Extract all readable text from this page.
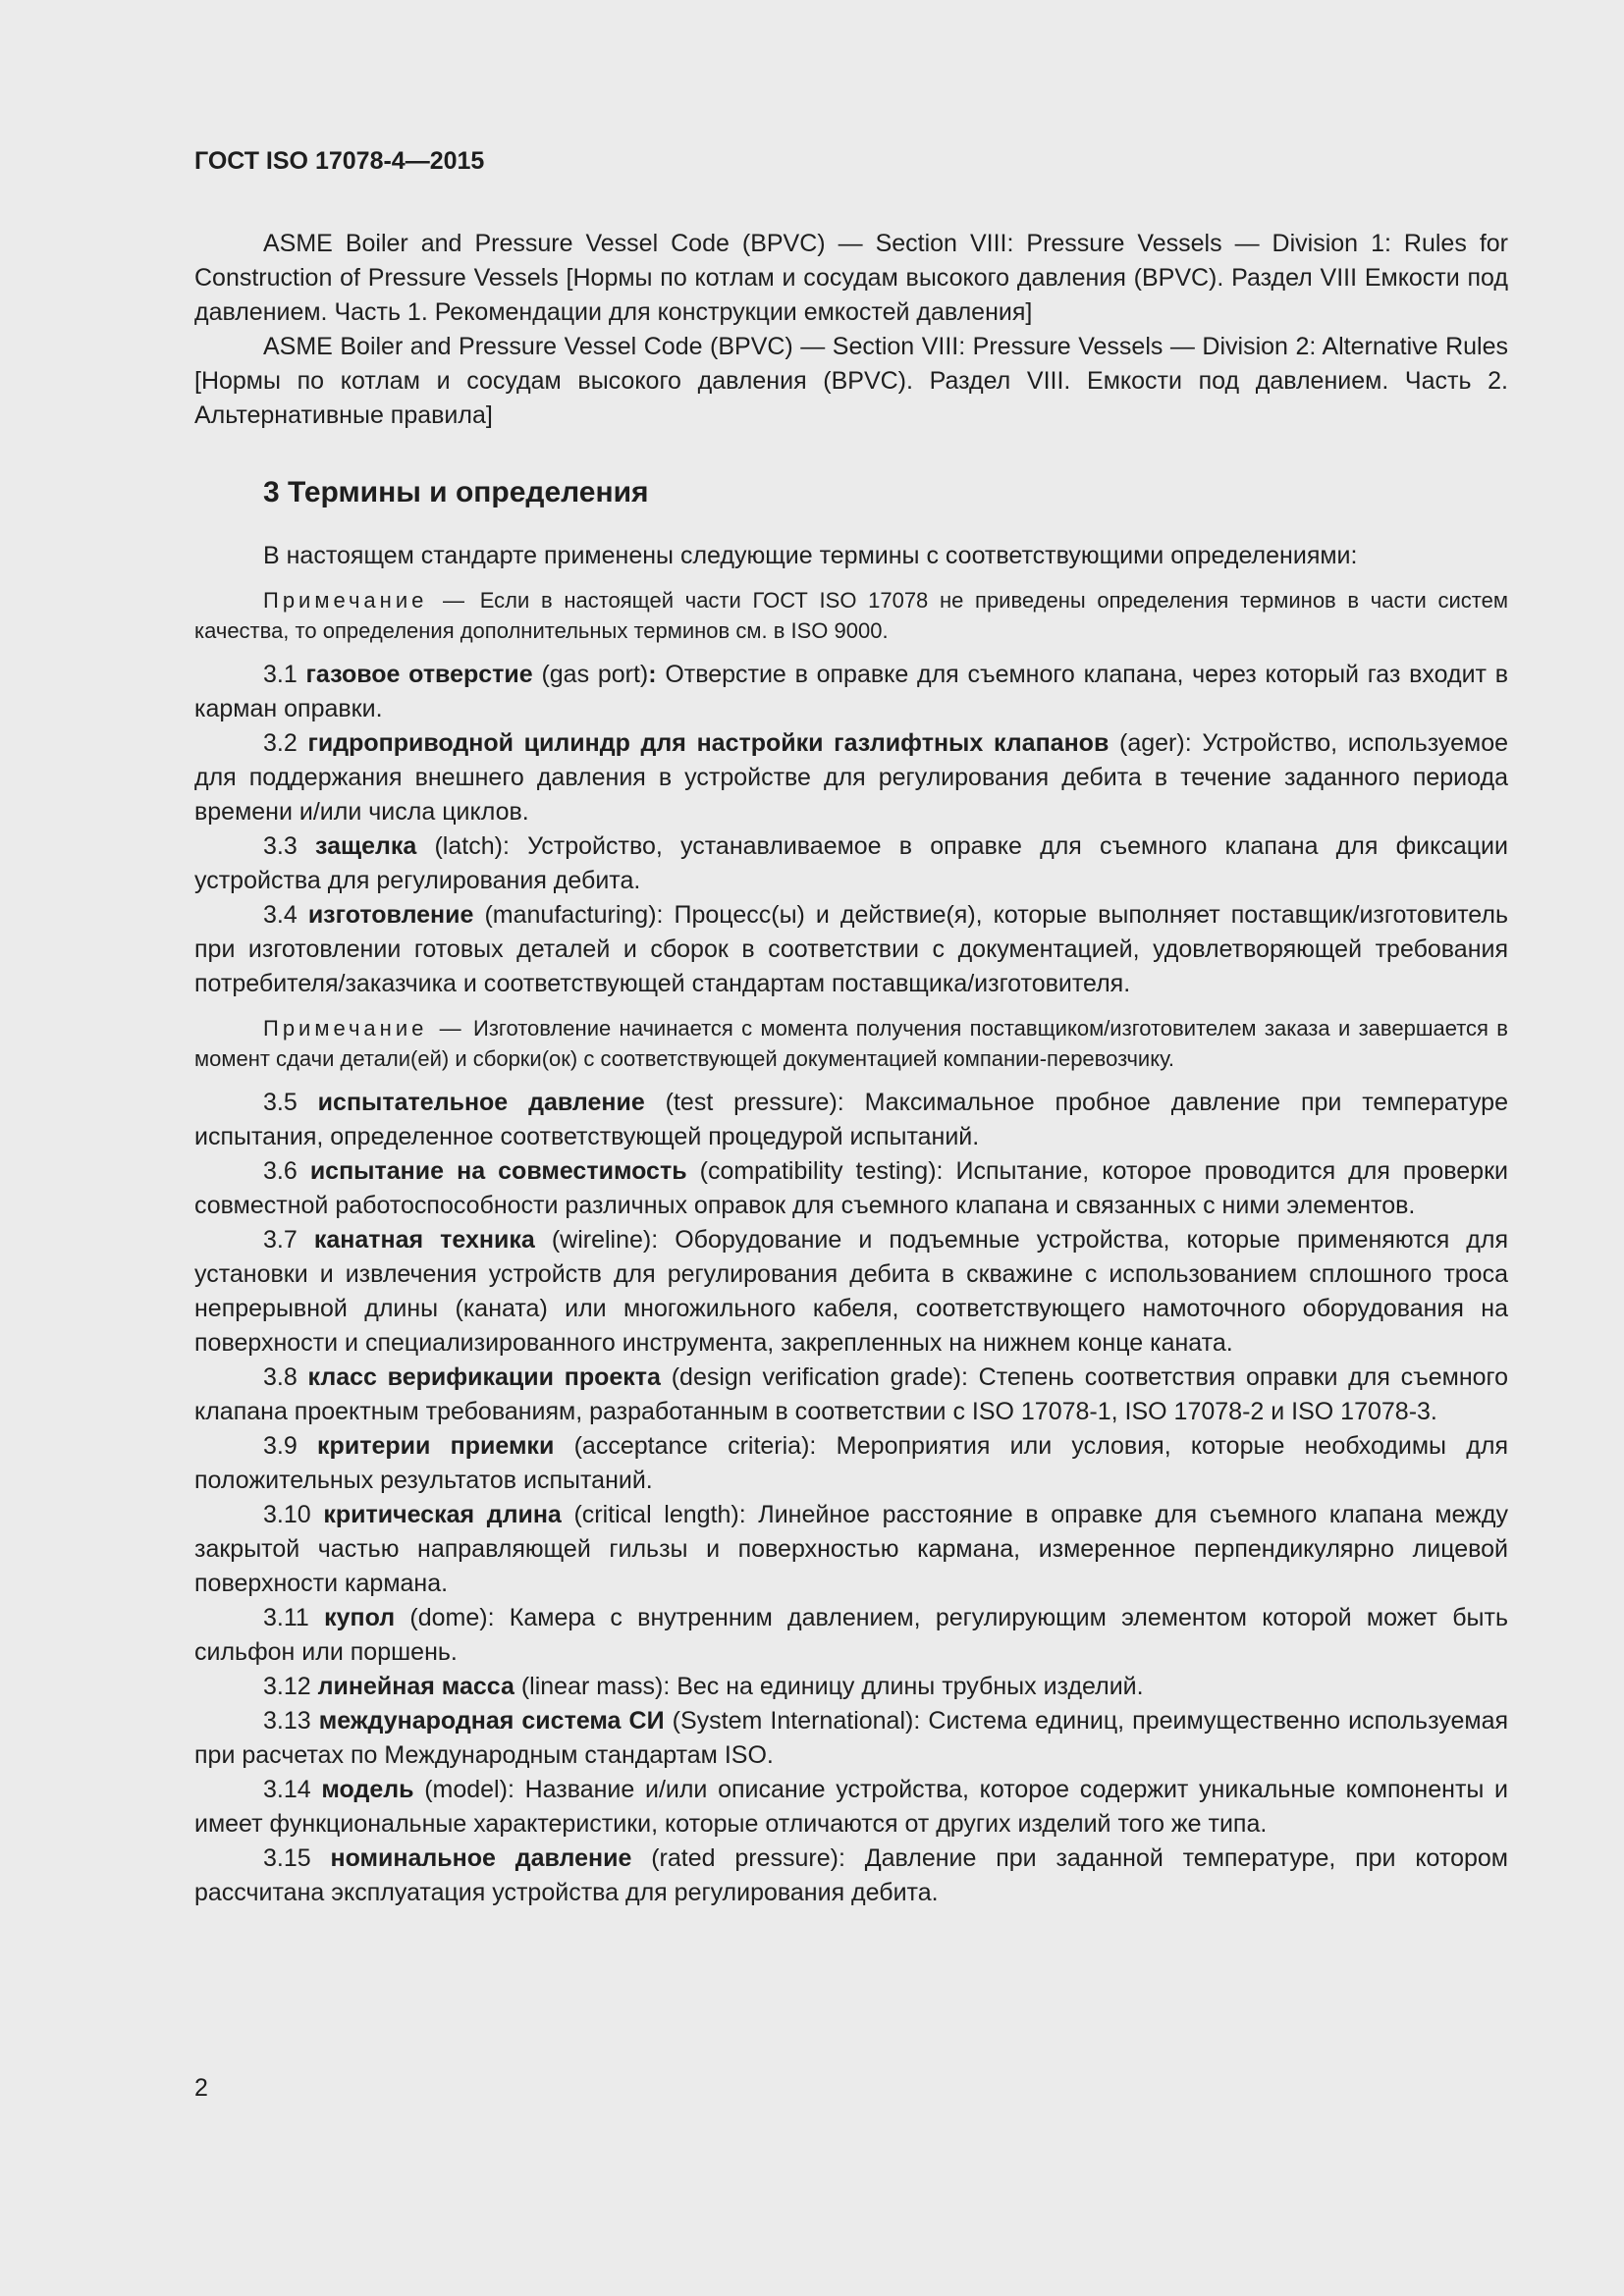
ГОСТ ISO 17078-4—2015

ASME Boiler and Pressure Vessel Code (BPVC) — Section VIII: Pressure Vessels — Division 1: Rules for Construction of Pressure Vessels [Нормы по котлам и сосудам высокого давления (BPVC). Раздел VIII Емкости под давлением. Часть 1. Рекомендации для конструкции емкостей давления]

ASME Boiler and Pressure Vessel Code (BPVC) — Section VIII: Pressure Vessels — Division 2: Alternative Rules [Нормы по котлам и сосудам высокого давления (BPVC). Раздел VIII. Емкости под давлением. Часть 2. Альтернативные правила]

3 Термины и определения

В настоящем стандарте применены следующие термины с соответствующими определениями:

Примечание — Если в настоящей части ГОСТ ISO 17078 не приведены определения терминов в части систем качества, то определения дополнительных терминов см. в ISO 9000.

3.1 газовое отверстие (gas port): Отверстие в оправке для съемного клапана, через который газ входит в карман оправки.

3.2 гидроприводной цилиндр для настройки газлифтных клапанов (ager): Устройство, используемое для поддержания внешнего давления в устройстве для регулирования дебита в течение заданного периода времени и/или числа циклов.

3.3 защелка (latch): Устройство, устанавливаемое в оправке для съемного клапана для фиксации устройства для регулирования дебита.

3.4 изготовление (manufacturing): Процесс(ы) и действие(я), которые выполняет поставщик/изготовитель при изготовлении готовых деталей и сборок в соответствии с документацией, удовлетворяющей требования потребителя/заказчика и соответствующей стандартам поставщика/изготовителя.

Примечание — Изготовление начинается с момента получения поставщиком/изготовителем заказа и завершается в момент сдачи детали(ей) и сборки(ок) с соответствующей документацией компании-перевозчику.

3.5 испытательное давление (test pressure): Максимальное пробное давление при температуре испытания, определенное соответствующей процедурой испытаний.

3.6 испытание на совместимость (compatibility testing): Испытание, которое проводится для проверки совместной работоспособности различных оправок для съемного клапана и связанных с ними элементов.

3.7 канатная техника (wireline): Оборудование и подъемные устройства, которые применяются для установки и извлечения устройств для регулирования дебита в скважине с использованием сплошного троса непрерывной длины (каната) или многожильного кабеля, соответствующего намоточного оборудования на поверхности и специализированного инструмента, закрепленных на нижнем конце каната.

3.8 класс верификации проекта (design verification grade): Степень соответствия оправки для съемного клапана проектным требованиям, разработанным в соответствии с ISO 17078-1, ISO 17078-2 и ISO 17078-3.

3.9 критерии приемки (acceptance criteria): Мероприятия или условия, которые необходимы для положительных результатов испытаний.

3.10 критическая длина (critical length): Линейное расстояние в оправке для съемного клапана между закрытой частью направляющей гильзы и поверхностью кармана, измеренное перпендикулярно лицевой поверхности кармана.

3.11 купол (dome): Камера с внутренним давлением, регулирующим элементом которой может быть сильфон или поршень.

3.12 линейная масса (linear mass): Вес на единицу длины трубных изделий.

3.13 международная система СИ (System International): Система единиц, преимущественно используемая при расчетах по Международным стандартам ISO.

3.14 модель (model): Название и/или описание устройства, которое содержит уникальные компоненты и имеет функциональные характеристики, которые отличаются от других изделий того же типа.

3.15 номинальное давление (rated pressure): Давление при заданной температуре, при котором рассчитана эксплуатация устройства для регулирования дебита.

2
